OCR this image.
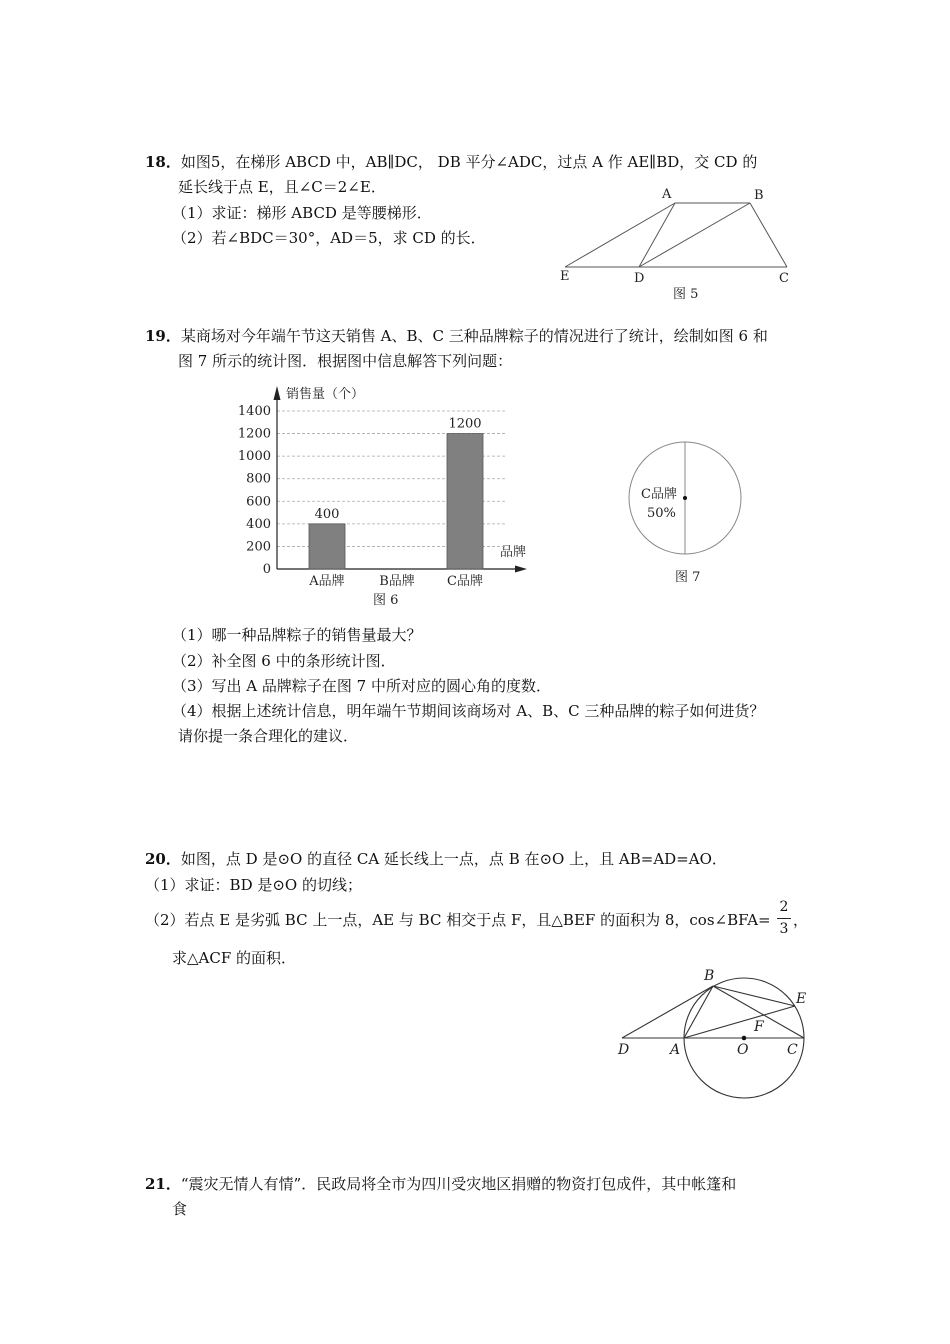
18．如图5，在梯形 ABCD 中，AB∥DC， DB 平分∠ADC，过点 A 作 AE∥BD，交 CD 的
延长线于点 E，且∠C＝2∠E．
（1）求证：梯形 ABCD 是等腰梯形．
（2）若∠BDC＝30°，AD＝5，求 CD 的长．
A	B
E	D	C
图 5
19．某商场对今年端午节这天销售 A、B、C 三种品牌粽子的情况进行了统计，绘制如图 6 和
图 7 所示的统计图．根据图中信息解答下列问题：
销售量（个）
品牌
图 6
0
200
400
600
800
1000
1200
1400
400
A品牌	B品牌
1200
C品牌
C品牌
50%
图 7
（1）哪一种品牌粽子的销售量最大？
（2）补全图 6 中的条形统计图．
（3）写出 A 品牌粽子在图 7 中所对应的圆心角的度数．
（4）根据上述统计信息，明年端午节期间该商场对 A、B、C 三种品牌的粽子如何进货？
请你提一条合理化的建议．
20．如图，点 D 是⊙O 的直径 CA 延长线上一点，点 B 在⊙O 上，且 AB=AD=AO．
（1）求证：BD 是⊙O 的切线；
（2）若点 E 是劣弧 BC 上一点，AE 与 BC 相交于点 F，且△BEF 的面积为 8，cos∠BFA=
2
3 ，
求△ACF 的面积．
B
E
F
D	A	O	C
21．“震灾无情人有情”．民政局将全市为四川受灾地区捐赠的物资打包成件，其中帐篷和
食
